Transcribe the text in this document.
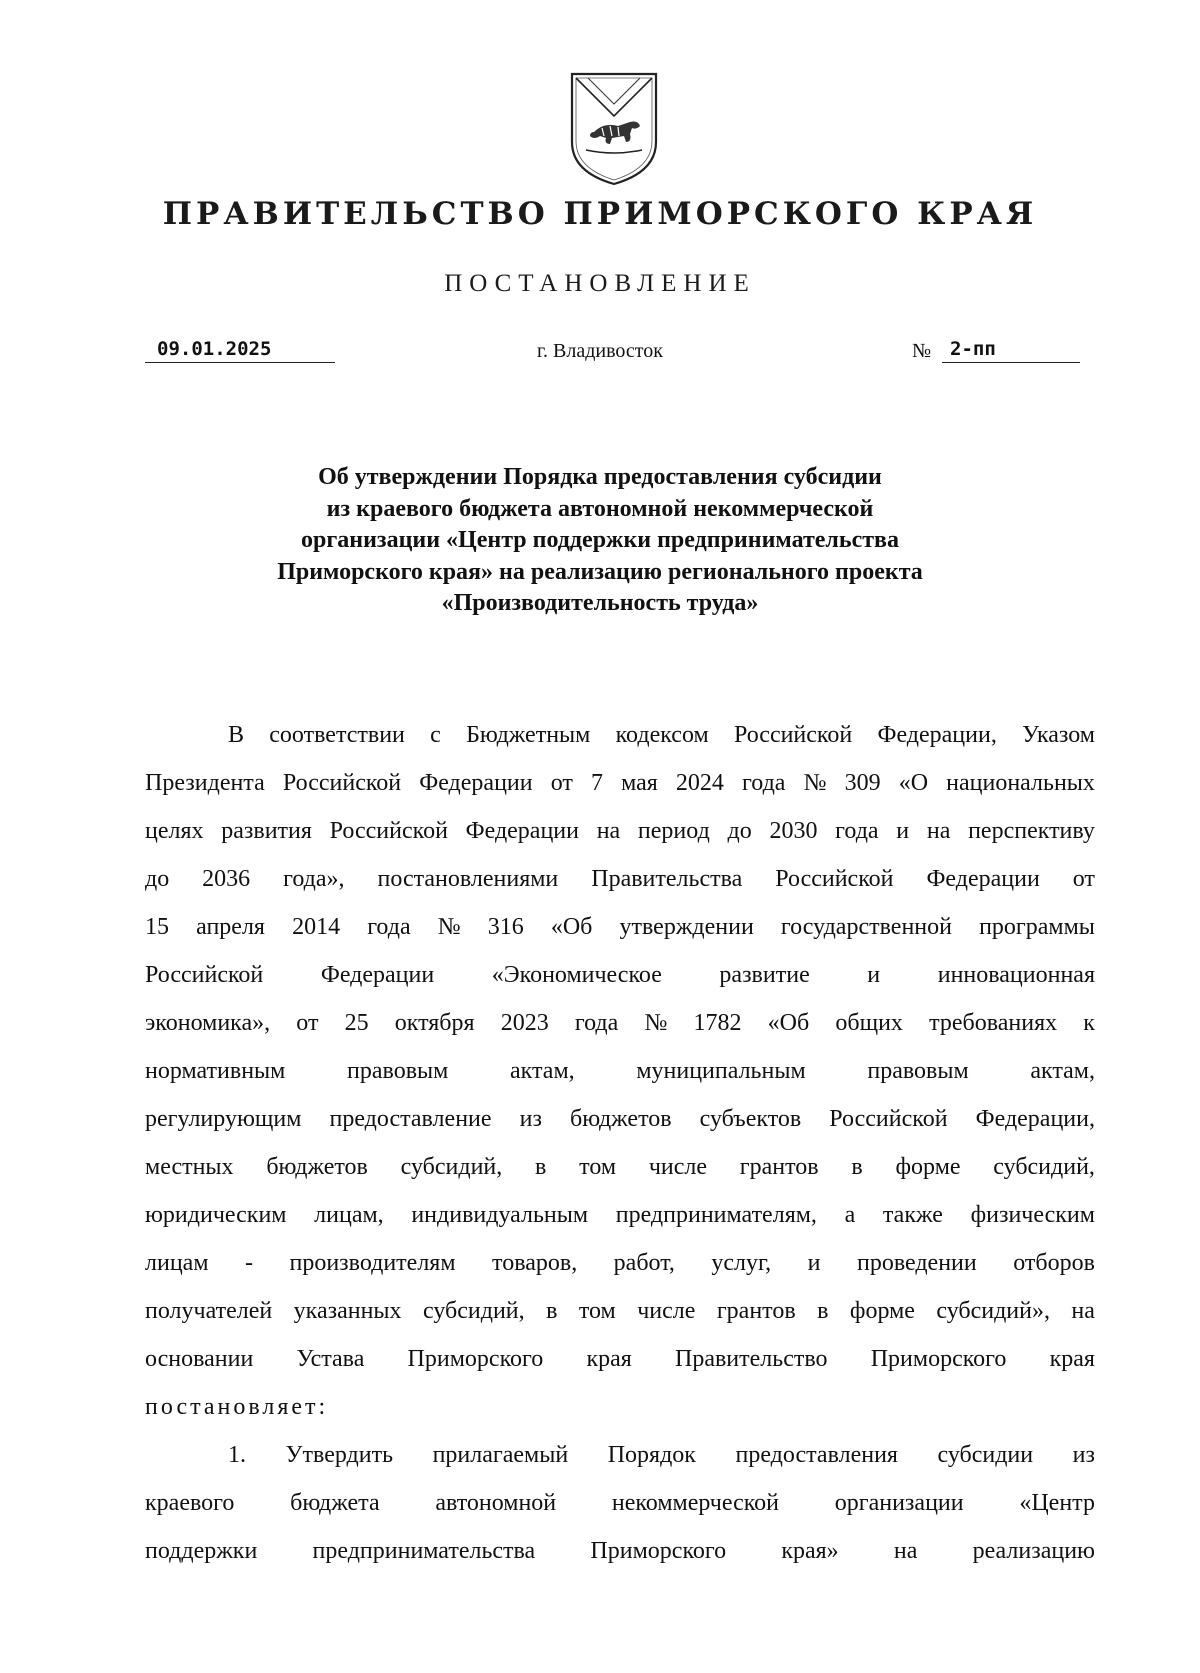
ПРАВИТЕЛЬСТВО ПРИМОРСКОГО КРАЯ
ПОСТАНОВЛЕНИЕ
09.01.2025	г. Владивосток	№ 2-пп
Об утверждении Порядка предоставления субсидии
из краевого бюджета автономной некоммерческой
организации «Центр поддержки предпринимательства
Приморского края» на реализацию регионального проекта
«Производительность труда»
В соответствии с Бюджетным кодексом Российской Федерации, Указом
Президента Российской Федерации от 7 мая 2024 года № 309 «О национальных
целях развития Российской Федерации на период до 2030 года и на перспективу
до 2036 года», постановлениями Правительства Российской Федерации от
15 апреля 2014 года № 316 «Об утверждении государственной программы
Российской Федерации «Экономическое развитие и инновационная
экономика», от 25 октября 2023 года № 1782 «Об общих требованиях к
нормативным	правовым	актам,	муниципальным	правовым	актам,
регулирующим предоставление из бюджетов субъектов Российской Федерации,
местных бюджетов субсидий, в том числе грантов в форме субсидий,
юридическим лицам, индивидуальным предпринимателям, а также физическим
лицам - производителям товаров, работ, услуг, и проведении отборов
получателей указанных субсидий, в том числе грантов в форме субсидий», на
основании Устава Приморского края Правительство Приморского края
постановляет:
1. Утвердить прилагаемый Порядок предоставления субсидии из
краевого бюджета автономной некоммерческой организации «Центр
поддержки предпринимательства Приморского края» на реализацию
